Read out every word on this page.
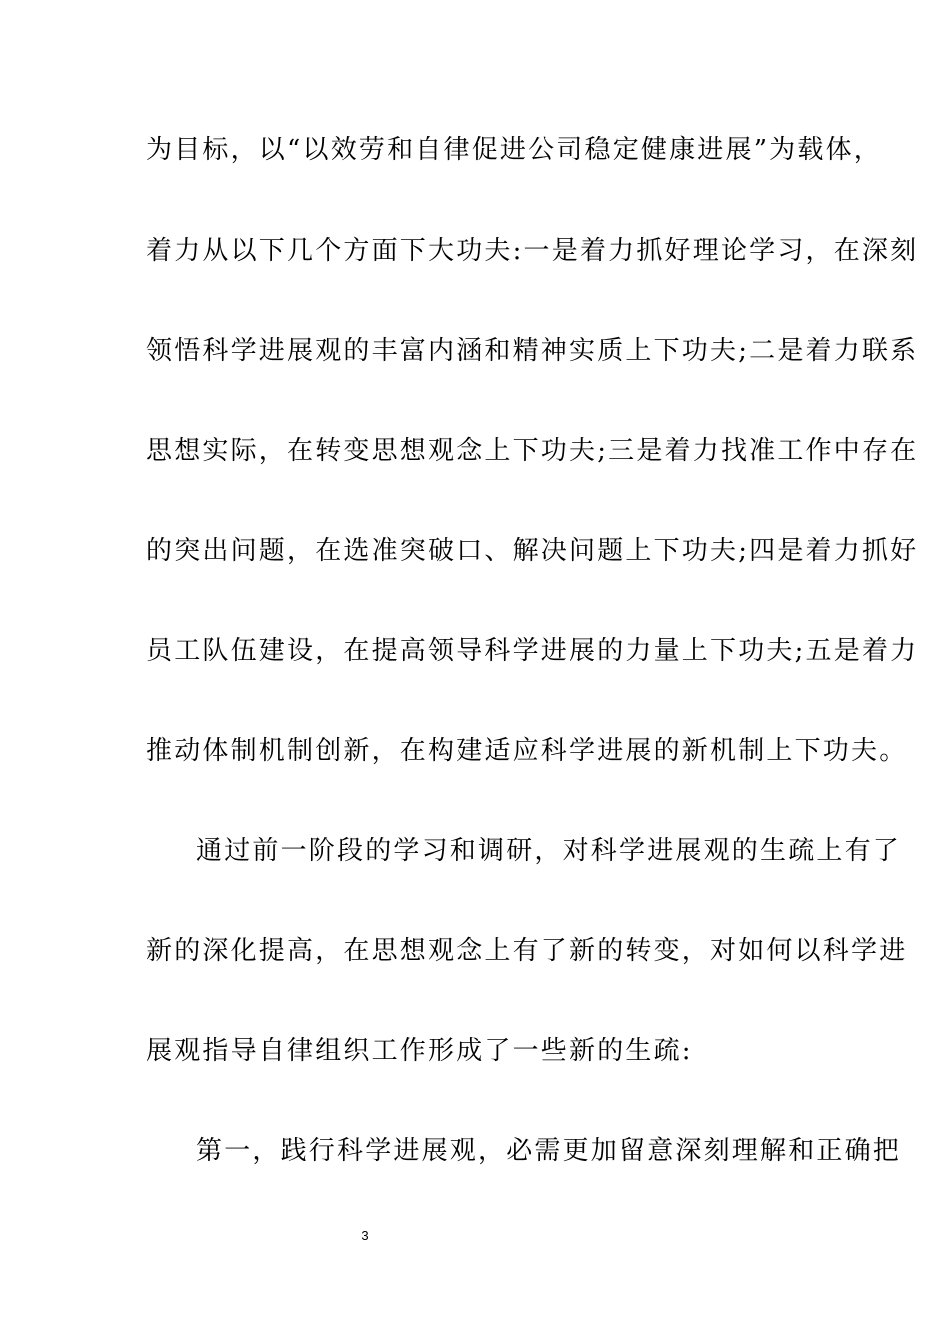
为目标，以“以效劳和自律促进公司稳定健康进展”为载体，
着力从以下几个方面下大功夫:一是着力抓好理论学习，在深刻
领悟科学进展观的丰富内涵和精神实质上下功夫;二是着力联系
思想实际，在转变思想观念上下功夫;三是着力找准工作中存在
的突出问题，在选准突破口、解决问题上下功夫;四是着力抓好
员工队伍建设，在提高领导科学进展的力量上下功夫;五是着力
推动体制机制创新，在构建适应科学进展的新机制上下功夫。
通过前一阶段的学习和调研，对科学进展观的生疏上有了
新的深化提高，在思想观念上有了新的转变，对如何以科学进
展观指导自律组织工作形成了一些新的生疏:
第一，践行科学进展观，必需更加留意深刻理解和正确把
3
